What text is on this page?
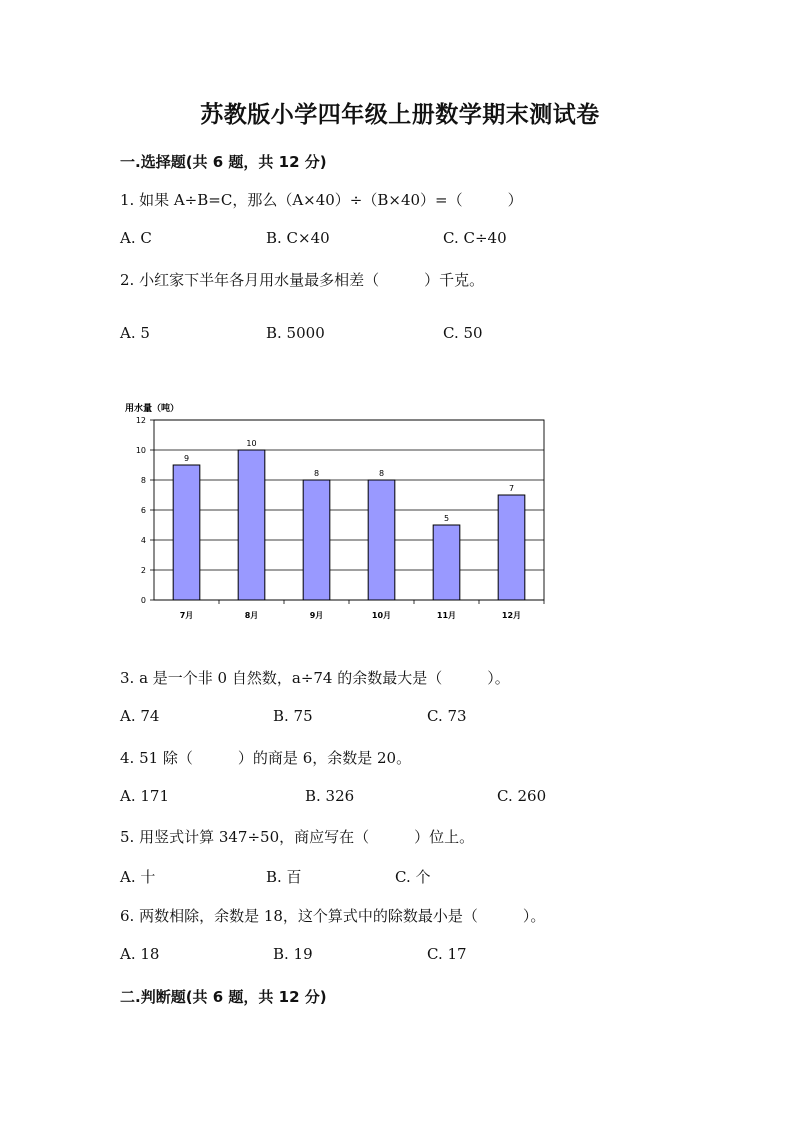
苏教版小学四年级上册数学期末测试卷
一.选择题(共 6 题，共 12 分)
1. 如果 A÷B=C，那么（A×40）÷（B×40）=（　　　）
A. C	B. C×40	C. C÷40
2. 小红家下半年各月用水量最多相差（　　　）千克。
A. 5	B. 5000	C. 50
用水量（吨）
0
2
4
6
8
10
12
9
7月
10
8月
8
9月
8
10月
5
11月
7
12月
3. a 是一个非 0 自然数，a÷74 的余数最大是（　　　）。
A. 74	B. 75	C. 73
4. 51 除（　　　）的商是 6，余数是 20。
A. 171	B. 326	C. 260
5. 用竖式计算 347÷50，商应写在（　　　）位上。
A. 十	B. 百	C. 个
6. 两数相除，余数是 18，这个算式中的除数最小是（　　　）。
A. 18	B. 19	C. 17
二.判断题(共 6 题，共 12 分)
